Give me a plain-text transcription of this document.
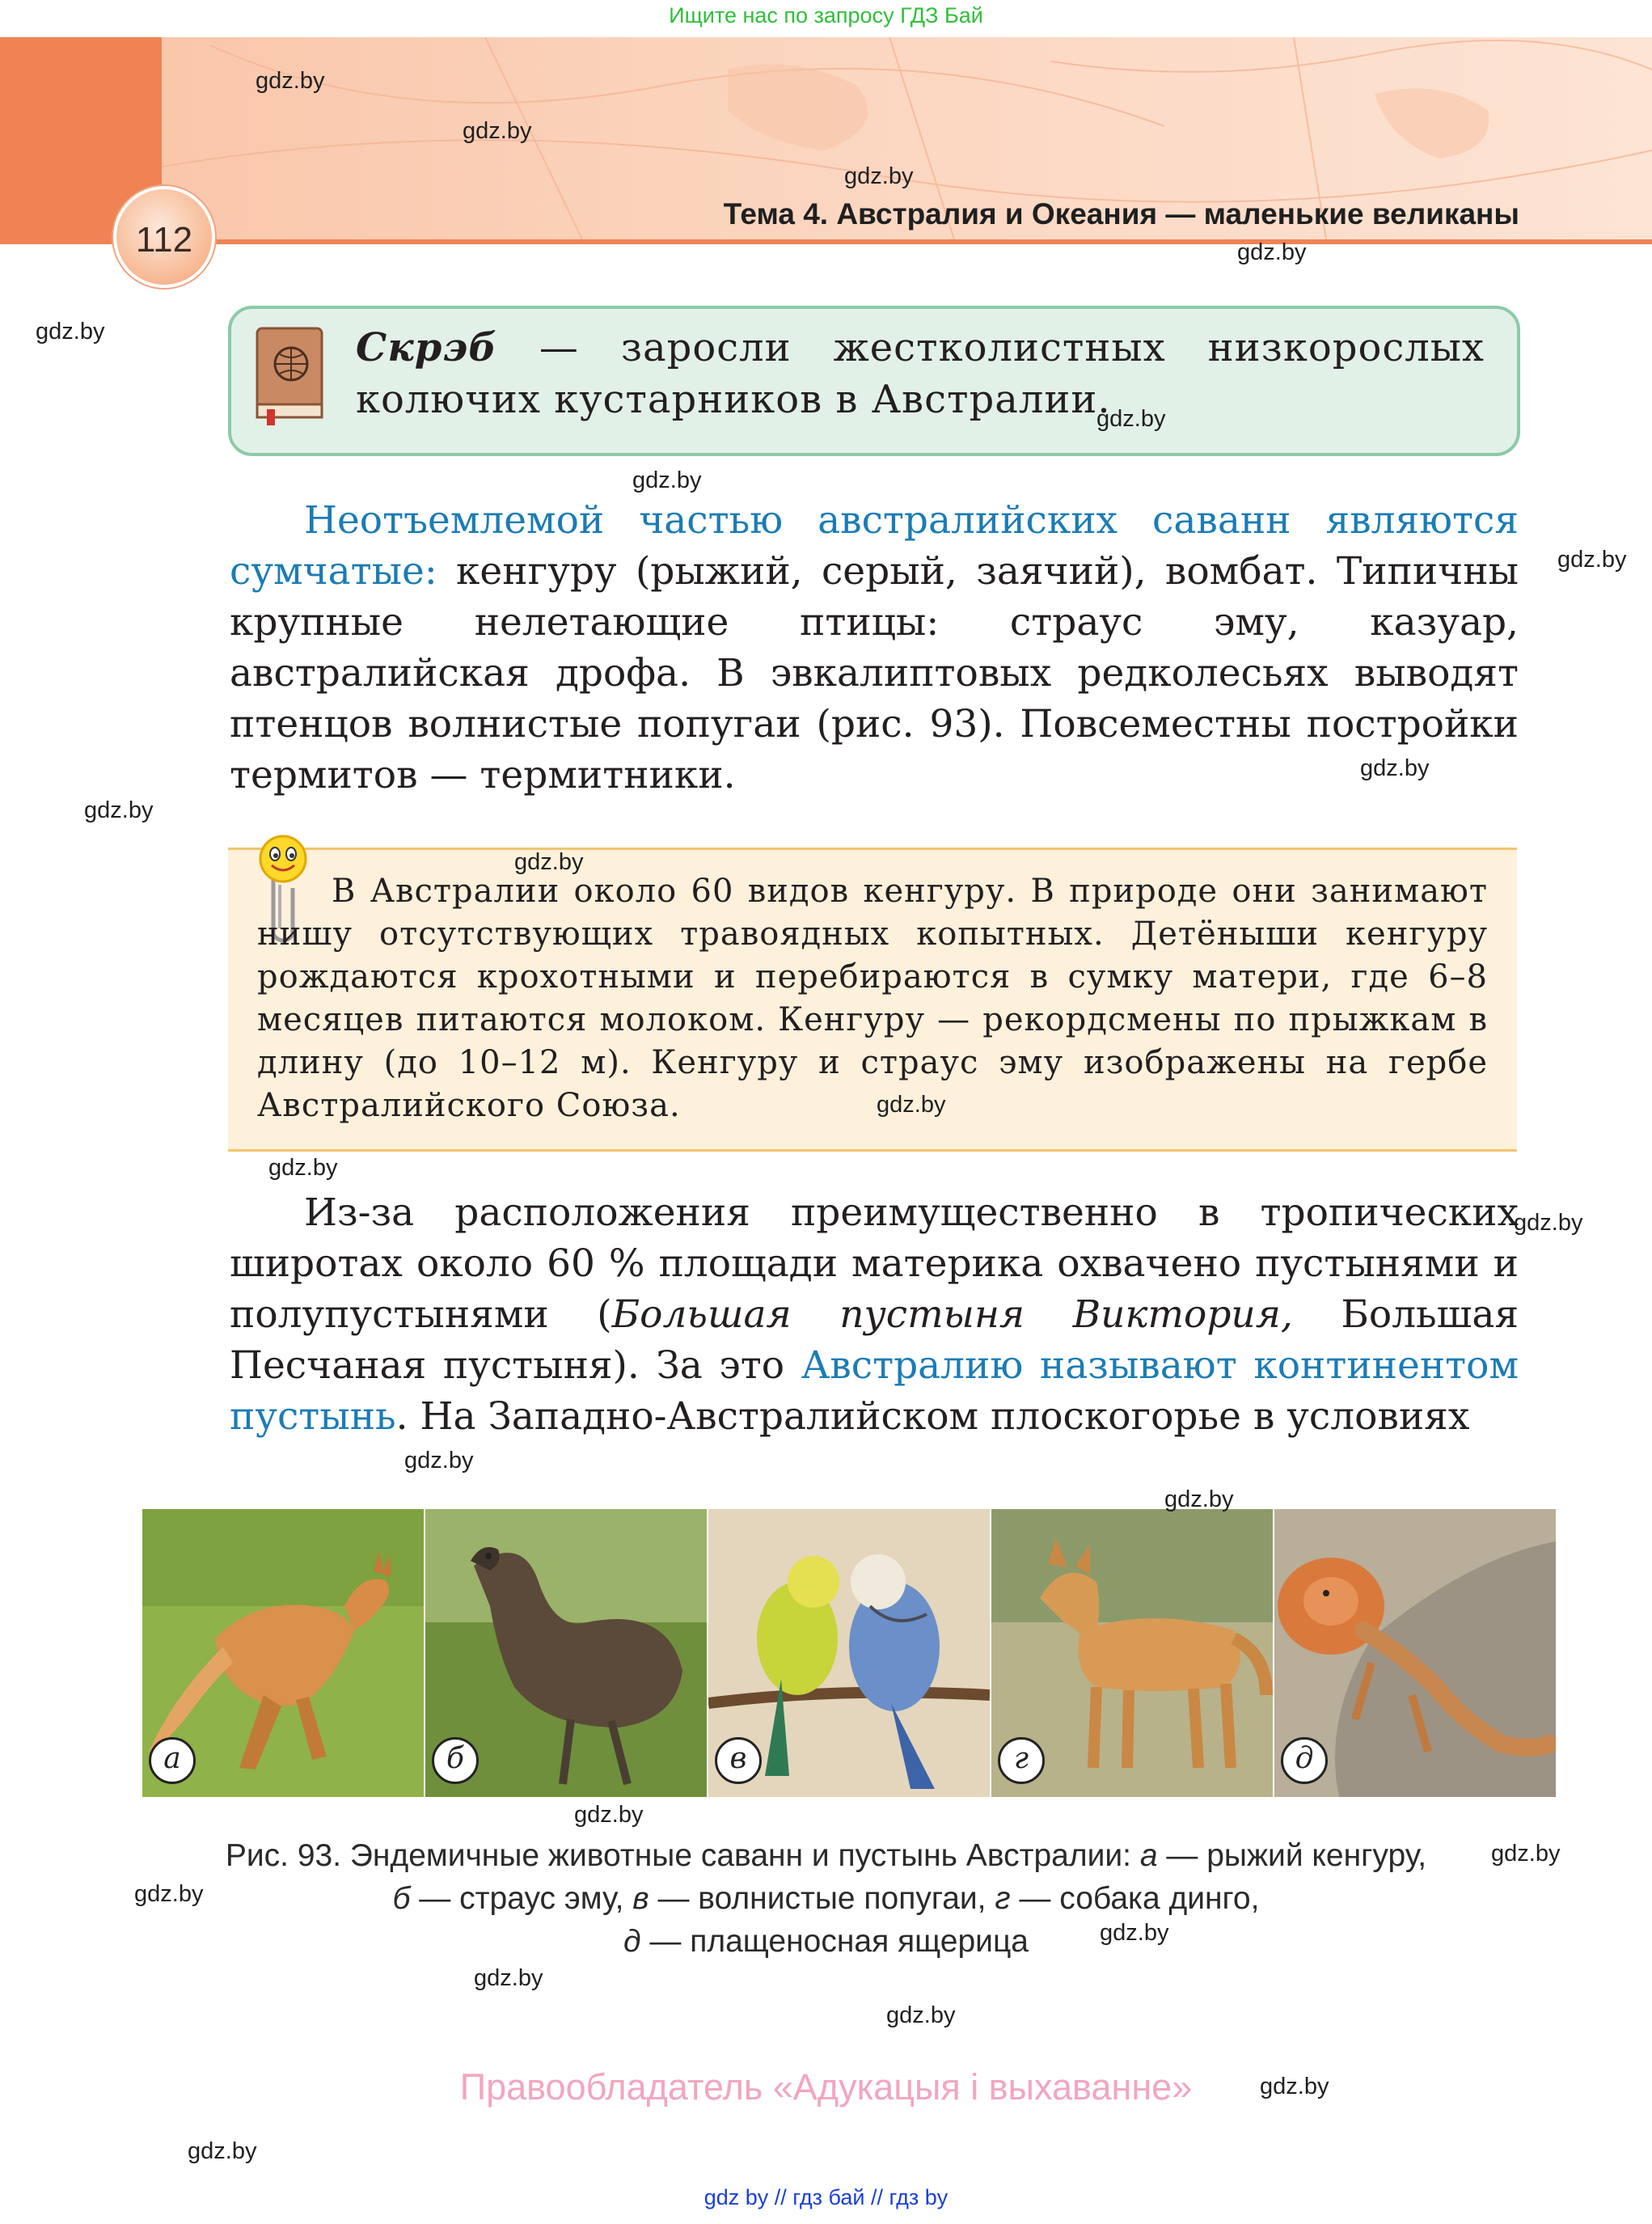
Ищите нас по запросу ГДЗ Бай
112
Тема 4. Австралия и Океания — маленькие великаны
Скрэб — заросли жестколистных низкорослых колючих кустарников в Австралии.
Неотъемлемой частью австралийских саванн являются сумчатые: кенгуру (рыжий, серый, заячий), вомбат. Типичны крупные нелетающие птицы: страус эму, казуар, австралийская дрофа. В эвкалиптовых редколесьях выводят птенцов волнистые попугаи (рис. 93). Повсеместны постройки термитов — термитники.
В Австралии около 60 видов кенгуру. В природе они занимают нишу отсутствующих травоядных копытных. Детёныши кенгуру рождаются крохотными и перебираются в сумку матери, где 6–8 месяцев питаются молоком. Кенгуру — рекордсмены по прыжкам в длину (до 10–12 м). Кенгуру и страус эму изображены на гербе Австралийского Союза.
Из-за расположения преимущественно в тропических широтах около 60 % площади материка охвачено пустынями и полупустынями (Большая пустыня Виктория, Большая Песчаная пустыня). За это Австралию называют континентом пустынь. На Западно-Австралийском плоскогорье в условиях
а	б	в	г	д
Рис. 93. Эндемичные животные саванн и пустынь Австралии: а — рыжий кенгуру,
б — страус эму, в — волнистые попугаи, г — собака динго,
д — плащеносная ящерица
Правообладатель «Адукацыя і выхаванне»
gdz by // гдз бай // гдз by
gdz.by
gdz.by
gdz.by
gdz.by
gdz.by
gdz.by
gdz.by
gdz.by
gdz.by
gdz.by
gdz.by
gdz.by
gdz.by
gdz.by
gdz.by
gdz.by
gdz.by
gdz.by
gdz.by
gdz.by
gdz.by
gdz.by
gdz.by
gdz.by
